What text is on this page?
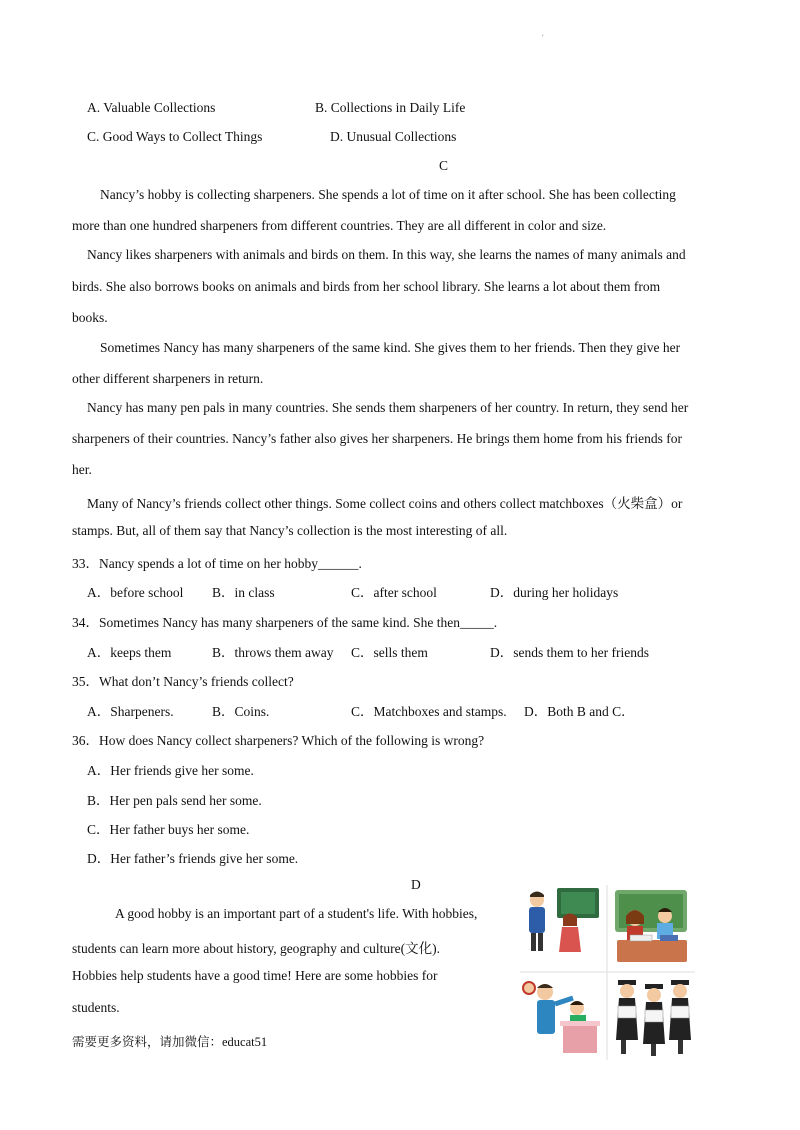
'
A. Valuable Collections	B. Collections in Daily Life
C. Good Ways to Collect Things	D. Unusual Collections
C
Nancy’s hobby is collecting sharpeners. She spends a lot of time on it after school. She has been collecting
more than one hundred sharpeners from different countries. They are all different in color and size.
Nancy likes sharpeners with animals and birds on them. In this way, she learns the names of many animals and
birds. She also borrows books on animals and birds from her school library. She learns a lot about them from
books.
Sometimes Nancy has many sharpeners of the same kind. She gives them to her friends. Then they give her
other different sharpeners in return.
Nancy has many pen pals in many countries. She sends them sharpeners of her country. In return, they send her
sharpeners of their countries. Nancy’s father also gives her sharpeners. He brings them home from his friends for
her.
Many of Nancy’s friends collect other things. Some collect coins and others collect matchboxes（火柴盒）or
stamps. But, all of them say that Nancy’s collection is the most interesting of all.
33．Nancy spends a lot of time on her hobby______.
A．before school B．in class	C．after school	D．during her holidays
34．Sometimes Nancy has many sharpeners of the same kind. She then_____.
A．keeps them	B．throws them away C．sells them	D．sends them to her friends
35．What don’t Nancy’s friends collect?
A．Sharpeners.	B．Coins.	C．Matchboxes and stamps. D．Both B and C．
36．How does Nancy collect sharpeners? Which of the following is wrong?
A．Her friends give her some.
B．Her pen pals send her some.
C．Her father buys her some.
D．Her father’s friends give her some.
D
A good hobby is an important part of a student's life. With hobbies,
students can learn more about history, geography and culture(文化).
Hobbies help students have a good time! Here are some hobbies for
students.
需要更多资料，请加微信：educat51
